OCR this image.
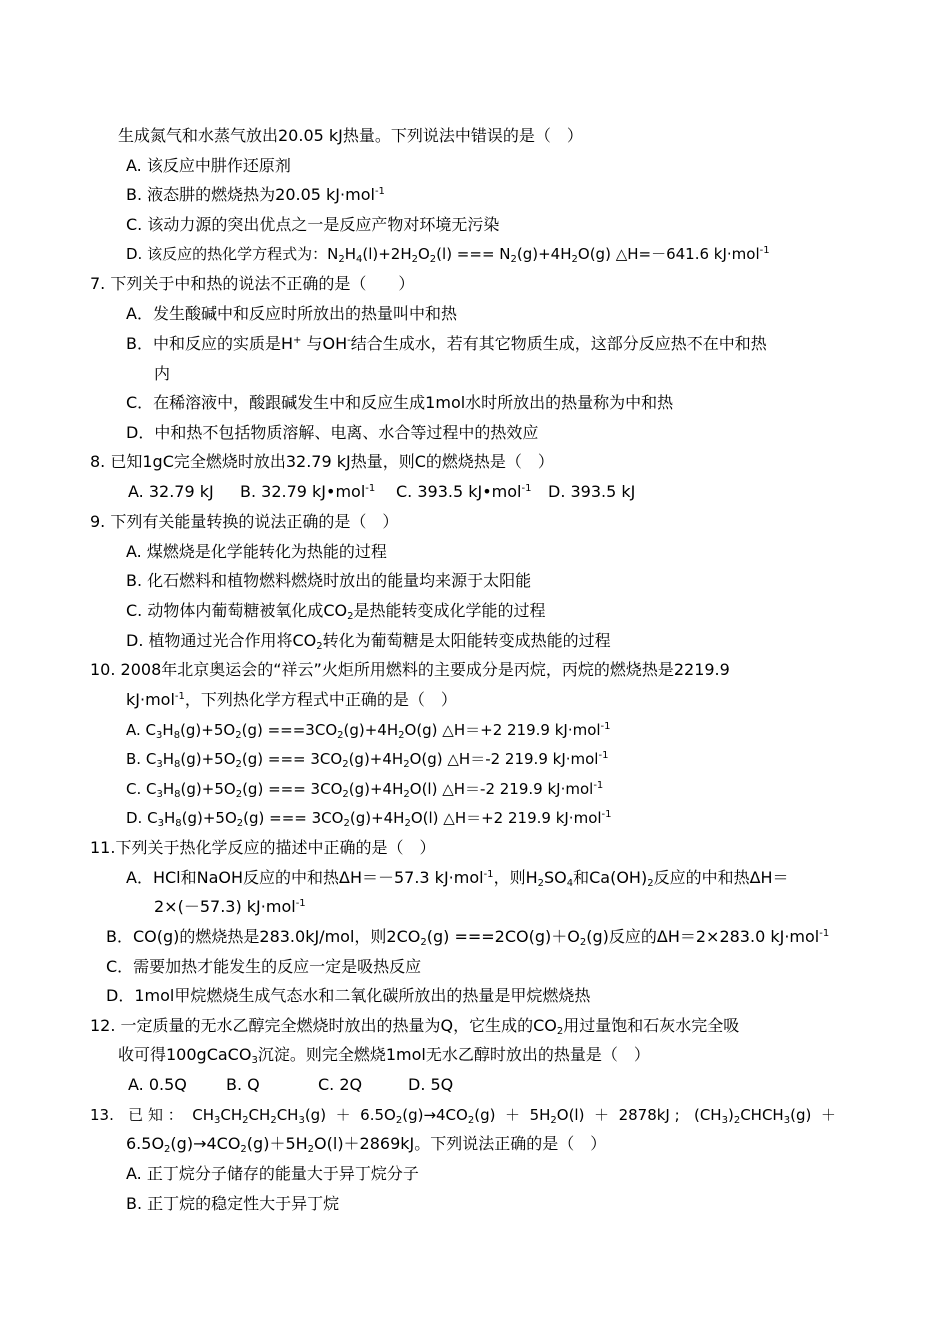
生成氮气和水蒸气放出20.05 kJ热量。下列说法中错误的是（　）
A. 该反应中肼作还原剂
B. 液态肼的燃烧热为20.05 kJ·mol$^{-1}$
C. 该动力源的突出优点之一是反应产物对环境无污染
D. 该反应的热化学方程式为：$N_2H_4(l)+2H_2O_2(l)$ === $N_2(g)+4H_2O(g)$ △H=－641.6 kJ·mol$^{-1}$
7. 下列关于中和热的说法不正确的是（　　）
A．发生酸碱中和反应时所放出的热量叫中和热
B．中和反应的实质是H+ 与OH-结合生成水，若有其它物质生成，这部分反应热不在中和热
内
C．在稀溶液中，酸跟碱发生中和反应生成1mol水时所放出的热量称为中和热
D．中和热不包括物质溶解、电离、水合等过程中的热效应
8. 已知1gC完全燃烧时放出32.79 kJ热量，则C的燃烧热是（　）
A. 32.79 kJ B. 32.79 kJ•mol$^{-1}$ C. 393.5 kJ•mol$^{-1}$ D. 393.5 kJ
9. 下列有关能量转换的说法正确的是（　）
A. 煤燃烧是化学能转化为热能的过程
B. 化石燃料和植物燃料燃烧时放出的能量均来源于太阳能
C. 动物体内葡萄糖被氧化成$CO_2$是热能转变成化学能的过程
D. 植物通过光合作用将$CO_2$转化为葡萄糖是太阳能转变成热能的过程
10. 2008年北京奥运会的“祥云”火炬所用燃料的主要成分是丙烷，丙烷的燃烧热是2219.9
kJ·mol$^{-1}$，下列热化学方程式中正确的是（　）
A. $C_3H_8(g)+5O_2(g) ===3CO_2(g)+4H_2O(g)$ △H＝+2 219.9 kJ·mol$^{-1}$
B. $C_3H_8(g)+5O_2(g)$ === $3CO_2(g)+4H_2O(g)$ △H＝-2 219.9 kJ·mol$^{-1}$
C. $C_3H_8(g)+5O_2(g)$ === $3CO_2(g)+4H_2O(l)$ △H＝-2 219.9 kJ·mol$^{-1}$
D. $C_3H_8(g)+5O_2(g)$ === $3CO_2(g)+4H_2O(l)$ △H＝+2 219.9 kJ·mol$^{-1}$
11.下列关于热化学反应的描述中正确的是（　）
A．HCl和NaOH反应的中和热ΔH＝－57.3 kJ·mol$^{-1}$，则$H_2SO_4$和$Ca(OH)_2$反应的中和热ΔH＝
2×(－57.3) kJ·mol$^{-1}$
B．CO(g)的燃烧热是283.0kJ/mol，则$2CO_2(g) ===2CO(g)+O_2(g)$反应的ΔH＝2×283.0 kJ·mol$^{-1}$
C．需要加热才能发生的反应一定是吸热反应
D．1mol甲烷燃烧生成气态水和二氧化碳所放出的热量是甲烷燃烧热
12. 一定质量的无水乙醇完全燃烧时放出的热量为Q，它生成的$CO_2$用过量饱和石灰水完全吸
收可得100gCaCO$_3$沉淀。则完全燃烧1mol无水乙醇时放出的热量是（　）
A. 0.5Q B. Q	C. 2Q	D. 5Q
13. 已 知 ： $CH_3CH_2CH_2CH_3(g) + 6.5O_2(g)\to 4CO_2(g) + 5H_2O(l) + 2878kJ$ ; $(CH_3)_2CHCH_3(g)$ ＋
$6.5O_2(g)\to 4CO_2(g)+5H_2O(l)+2869kJ$。下列说法正确的是（　）
A. 正丁烷分子储存的能量大于异丁烷分子
B. 正丁烷的稳定性大于异丁烷
